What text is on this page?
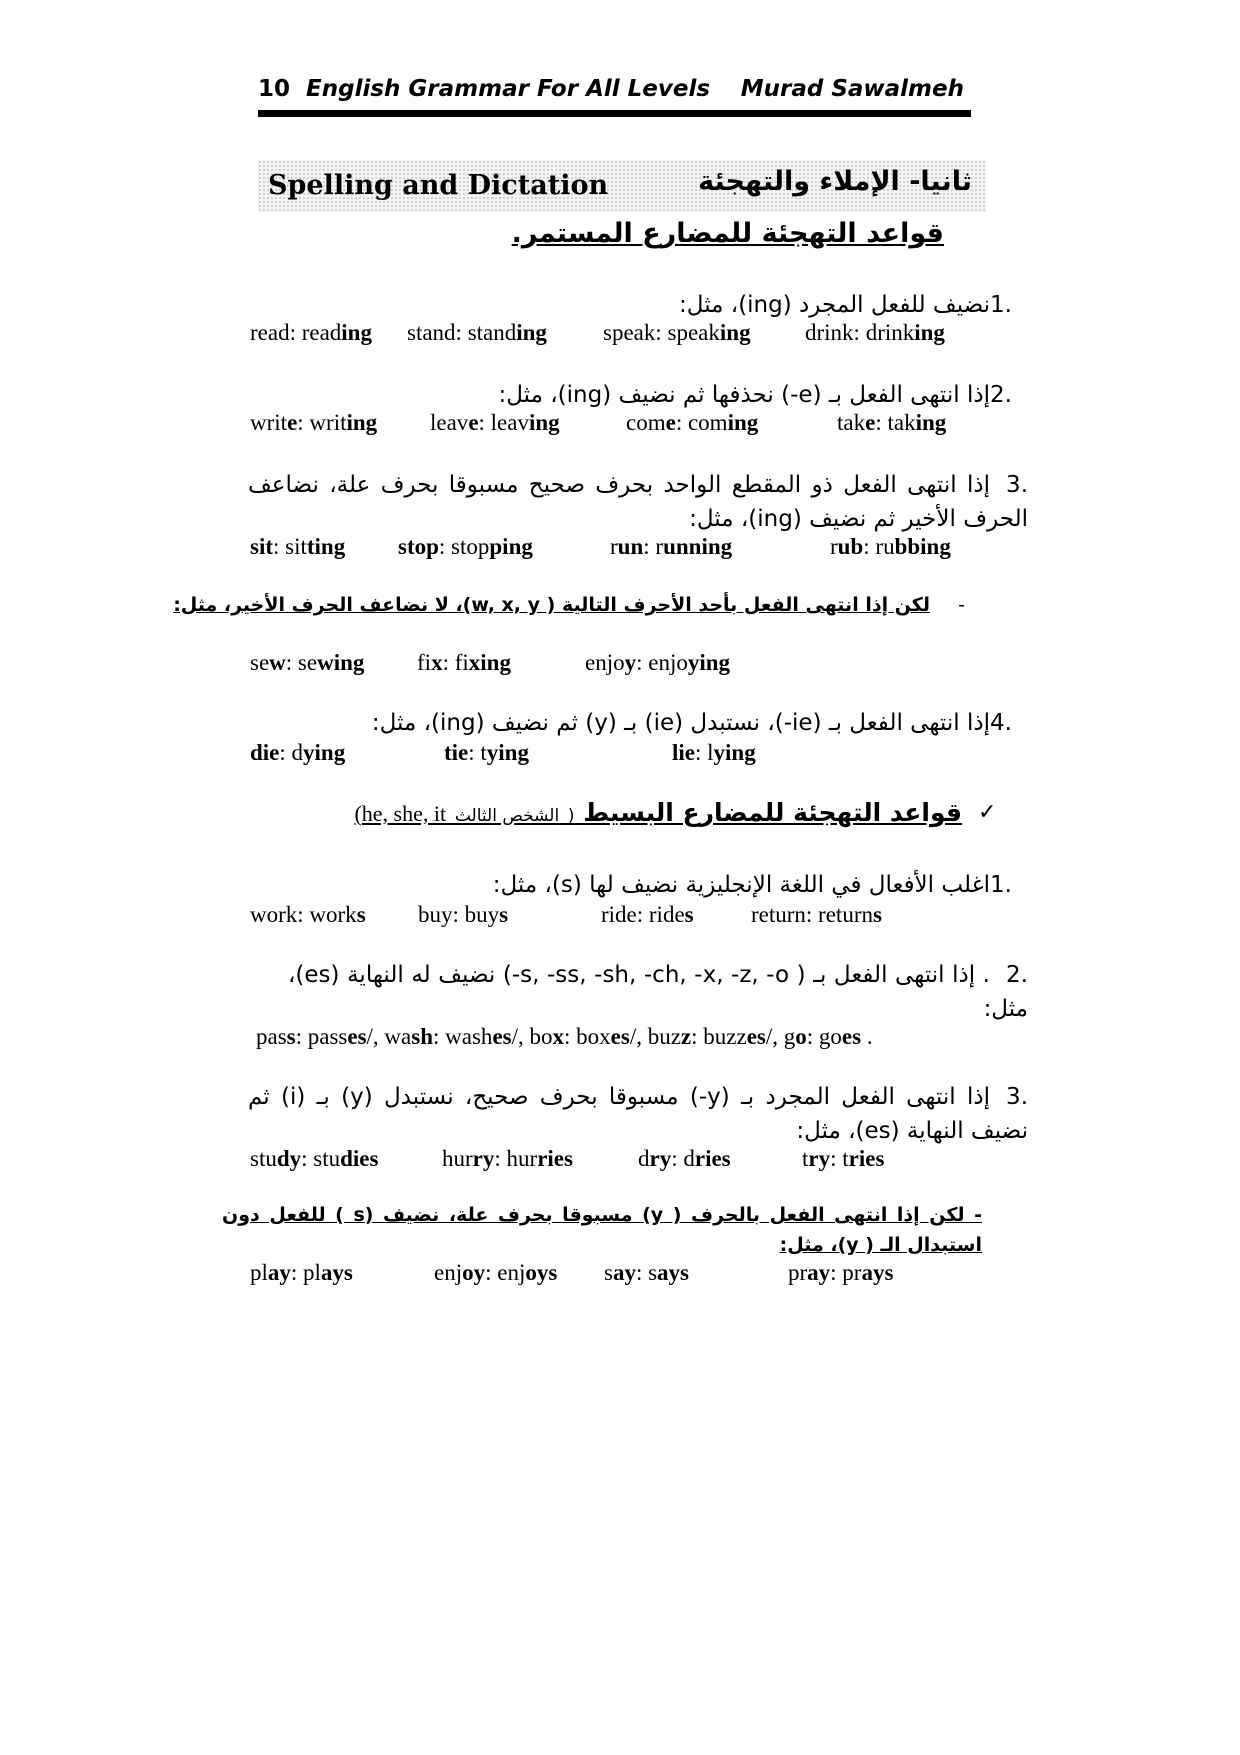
10 English Grammar For All Levels Murad Sawalmeh
Spelling and Dictation	ثانيا- الإملاء والتهجئة
قواعد التهجئة للمضارع المستمر.
.1نضيف للفعل المجرد (ing)، مثل:
read: reading stand: standing speak: speaking drink: drinking
.2إذا انتهى الفعل بـ (e-) نحذفها ثم نضيف (ing)، مثل:
write: writing leave: leaving	come: coming	take: taking
.3إذا انتهى الفعل ذو المقطع الواحد بحرف صحيح مسبوقا بحرف علة، نضاعف الحرف الأخير ثم نضيف (ing)، مثل:
sit: sitting stop: stopping	run: running	rub: rubbing
-
لكن إذا انتهى الفعل بأحد الأحرف التالية ( w, x, y)، لا نضاعف الحرف الأخير، مثل:
sew: sewing fix: fixing	enjoy: enjoying
.4إذا انتهى الفعل بـ (ie-)، نستبدل (ie) بـ (y) ثم نضيف (ing)، مثل:
die: dying	tie: tying	lie: lying
✓
قواعد التهجئة للمضارع البسيط ( الشخص الثالث he, she, it)
.1اغلب الأفعال في اللغة الإنجليزية نضيف لها (s)، مثل:
work: works buy: buys	ride: rides return: returns
.2. إذا انتهى الفعل بـ ( s, -ss, -sh, -ch, -x, -z, -o-) نضيف له النهاية (es)، مثل:
pass: passes/, wash: washes/, box: boxes/, buzz: buzzes/, go: goes .
.3إذا انتهى الفعل المجرد بـ (y-) مسبوقا بحرف صحيح، نستبدل (y) بـ (i) ثم نضيف النهاية (es)، مثل:
study: studies	hurry: hurries	dry: dries	try: tries
- لكن إذا انتهى الفعل بالحرف ( y) مسبوقا بحرف علة، نضيف (s ) للفعل دون استبدال الـ ( y)، مثل:
play: plays	enjoy: enjoys say: says	pray: prays
